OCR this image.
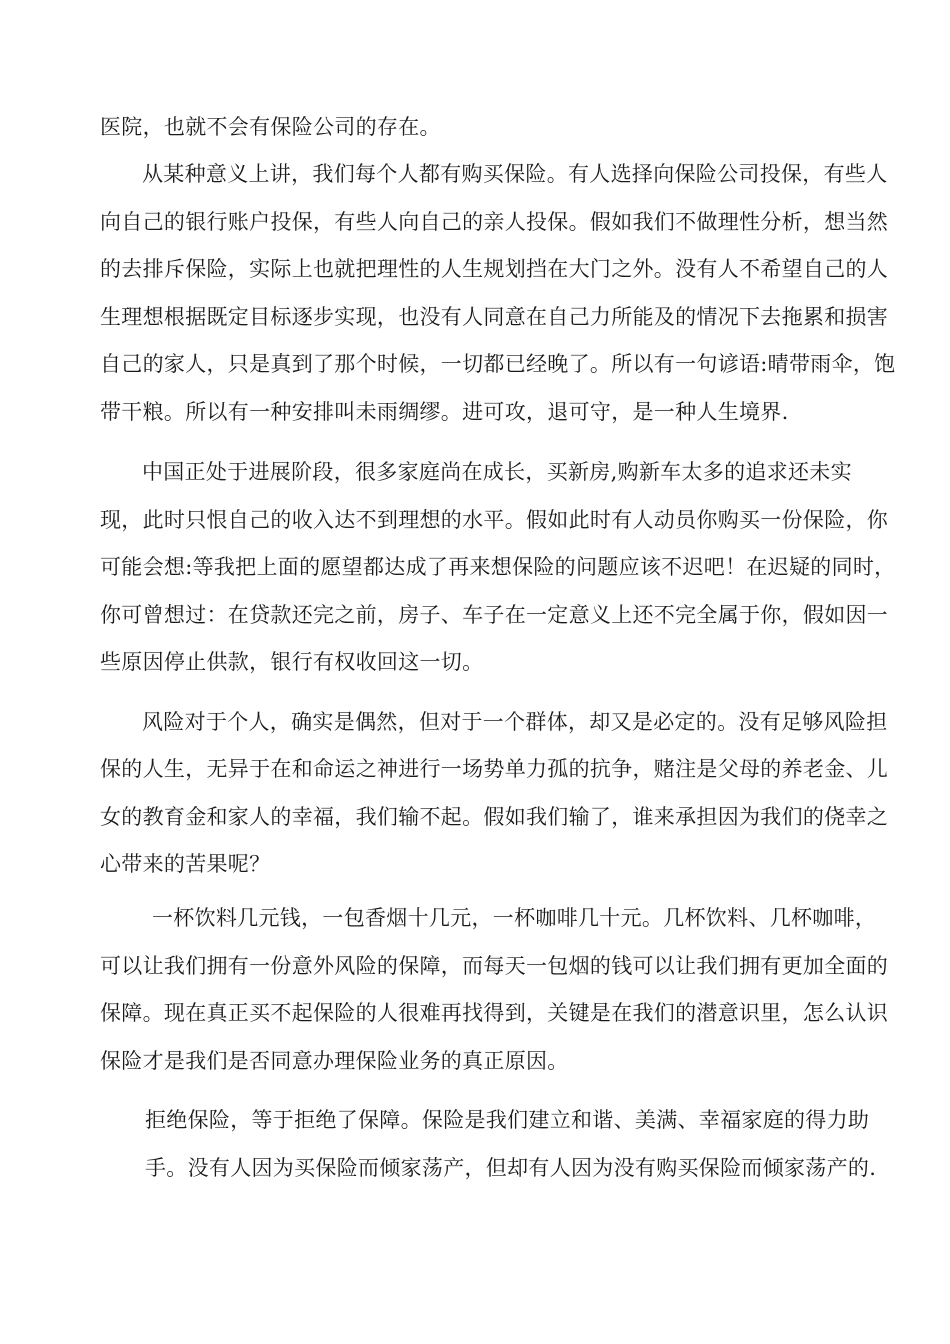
医院，也就不会有保险公司的存在。
从某种意义上讲，我们每个人都有购买保险。有人选择向保险公司投保，有些人
向自己的银行账户投保，有些人向自己的亲人投保。假如我们不做理性分析，想当然
的去排斥保险，实际上也就把理性的人生规划挡在大门之外。没有人不希望自己的人
生理想根据既定目标逐步实现，也没有人同意在自己力所能及的情况下去拖累和损害
自己的家人，只是真到了那个时候，一切都已经晚了。所以有一句谚语:晴带雨伞，饱
带干粮。所以有一种安排叫未雨绸缪。进可攻，退可守，是一种人生境界.
中国正处于进展阶段，很多家庭尚在成长，买新房,购新车太多的追求还未实
现，此时只恨自己的收入达不到理想的水平。假如此时有人动员你购买一份保险，你
可能会想:等我把上面的愿望都达成了再来想保险的问题应该不迟吧！在迟疑的同时，
你可曾想过：在贷款还完之前，房子、车子在一定意义上还不完全属于你，假如因一
些原因停止供款，银行有权收回这一切。
风险对于个人，确实是偶然，但对于一个群体，却又是必定的。没有足够风险担
保的人生，无异于在和命运之神进行一场势单力孤的抗争，赌注是父母的养老金、儿
女的教育金和家人的幸福，我们输不起。假如我们输了，谁来承担因为我们的侥幸之
心带来的苦果呢？
一杯饮料几元钱，一包香烟十几元，一杯咖啡几十元。几杯饮料、几杯咖啡，
可以让我们拥有一份意外风险的保障，而每天一包烟的钱可以让我们拥有更加全面的
保障。现在真正买不起保险的人很难再找得到，关键是在我们的潜意识里，怎么认识
保险才是我们是否同意办理保险业务的真正原因。
拒绝保险，等于拒绝了保障。保险是我们建立和谐、美满、幸福家庭的得力助
手。没有人因为买保险而倾家荡产，但却有人因为没有购买保险而倾家荡产的.
